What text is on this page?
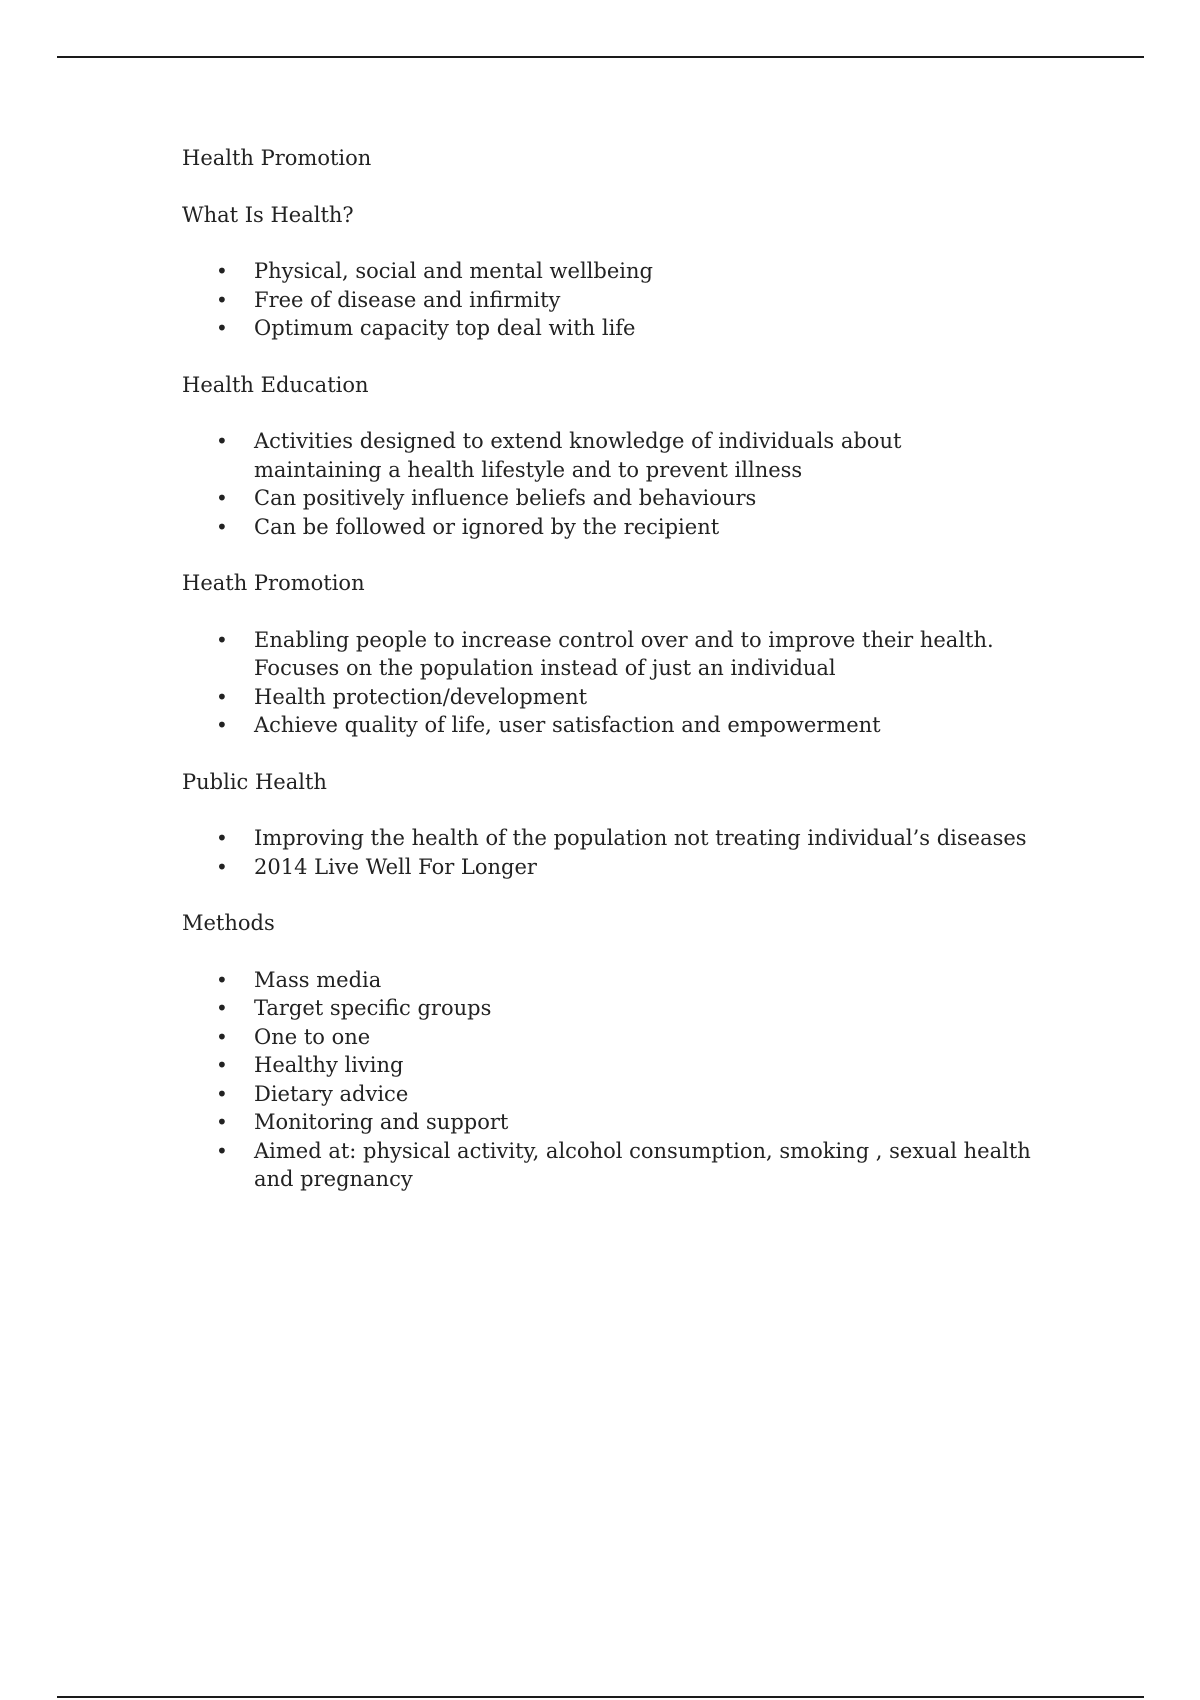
Health Promotion

What Is Health?

• Physical, social and mental wellbeing
• Free of disease and infirmity
• Optimum capacity top deal with life

Health Education

• Activities designed to extend knowledge of individuals about maintaining a health lifestyle and to prevent illness
• Can positively influence beliefs and behaviours
• Can be followed or ignored by the recipient

Heath Promotion

• Enabling people to increase control over and to improve their health. Focuses on the population instead of just an individual
• Health protection/development
• Achieve quality of life, user satisfaction and empowerment

Public Health

• Improving the health of the population not treating individual’s diseases
• 2014 Live Well For Longer

Methods

• Mass media
• Target specific groups
• One to one
• Healthy living
• Dietary advice
• Monitoring and support
• Aimed at: physical activity, alcohol consumption, smoking , sexual health and pregnancy
